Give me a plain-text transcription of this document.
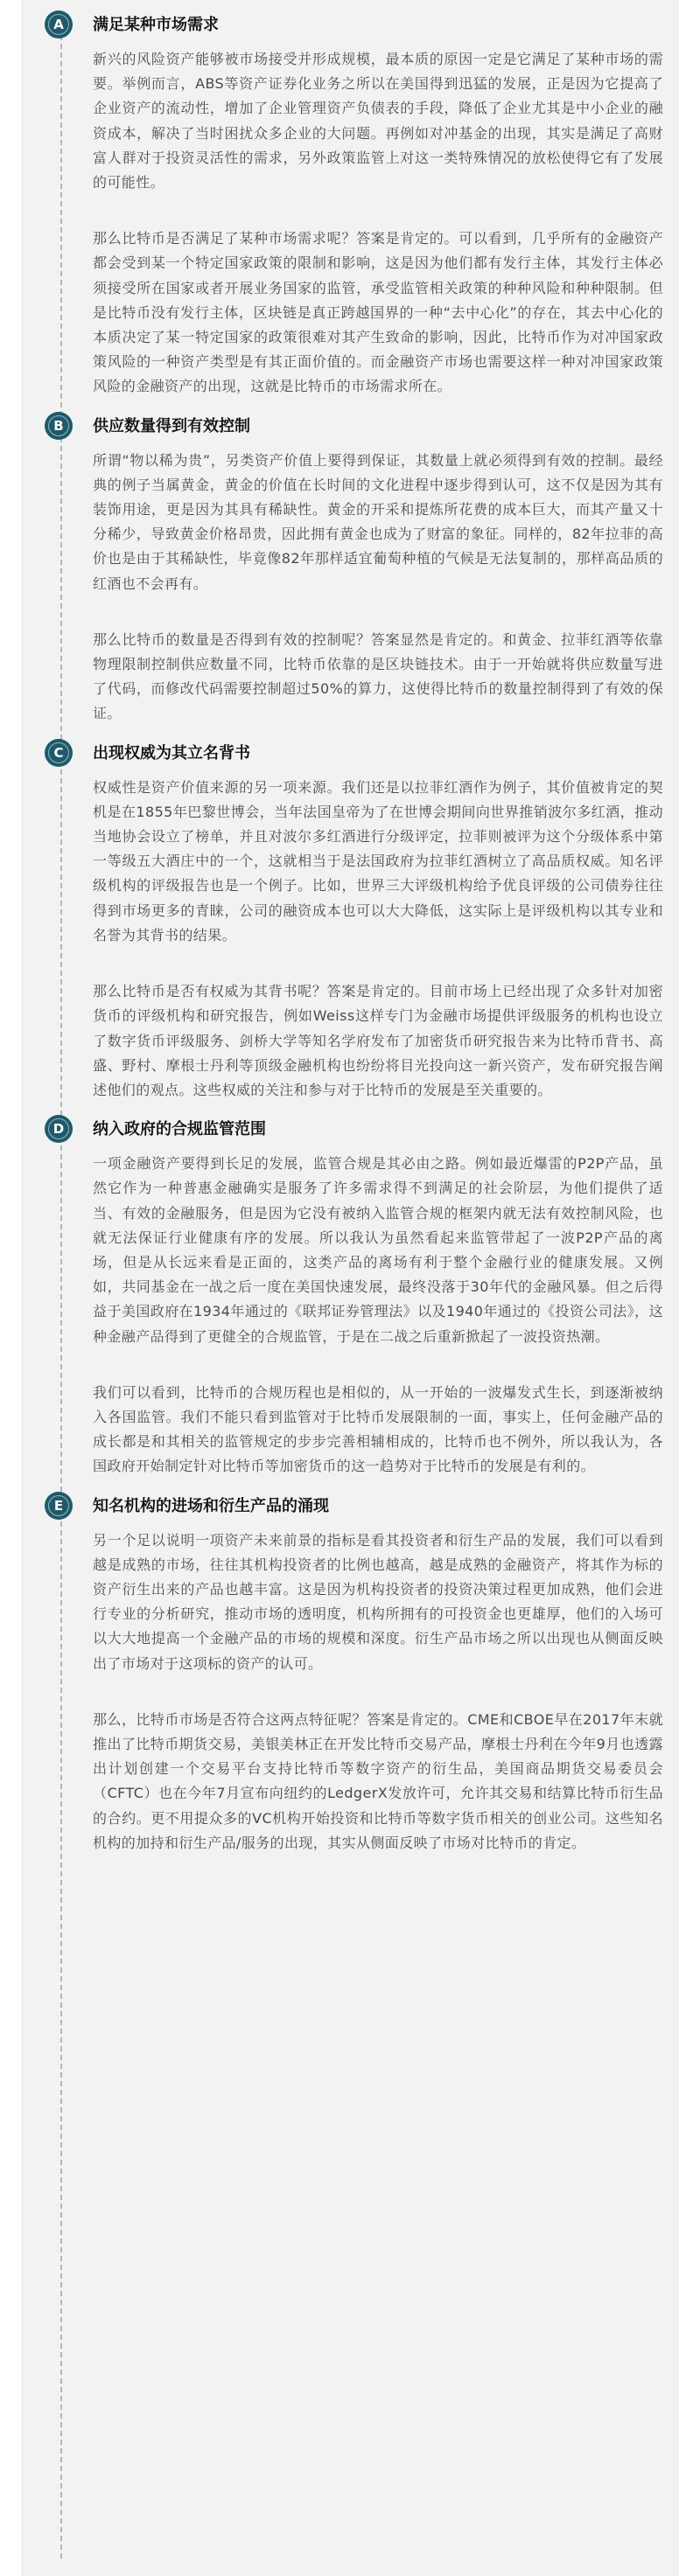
A 满足某种市场需求

新兴的风险资产能够被市场接受并形成规模，最本质的原因一定是它满足了某种市场的需要。举例而言，ABS等资产证券化业务之所以在美国得到迅猛的发展，正是因为它提高了企业资产的流动性，增加了企业管理资产负债表的手段，降低了企业尤其是中小企业的融资成本，解决了当时困扰众多企业的大问题。再例如对冲基金的出现，其实是满足了高财富人群对于投资灵活性的需求，另外政策监管上对这一类特殊情况的放松使得它有了发展的可能性。

那么比特币是否满足了某种市场需求呢？答案是肯定的。可以看到，几乎所有的金融资产都会受到某一个特定国家政策的限制和影响，这是因为他们都有发行主体，其发行主体必须接受所在国家或者开展业务国家的监管，承受监管相关政策的种种风险和种种限制。但是比特币没有发行主体，区块链是真正跨越国界的一种“去中心化”的存在，其去中心化的本质决定了某一特定国家的政策很难对其产生致命的影响，因此，比特币作为对冲国家政策风险的一种资产类型是有其正面价值的。而金融资产市场也需要这样一种对冲国家政策风险的金融资产的出现，这就是比特币的市场需求所在。

B 供应数量得到有效控制

所谓“物以稀为贵”，另类资产价值上要得到保证，其数量上就必须得到有效的控制。最经典的例子当属黄金，黄金的价值在长时间的文化进程中逐步得到认可，这不仅是因为其有装饰用途，更是因为其具有稀缺性。黄金的开采和提炼所花费的成本巨大，而其产量又十分稀少，导致黄金价格昂贵，因此拥有黄金也成为了财富的象征。同样的，82年拉菲的高价也是由于其稀缺性，毕竟像82年那样适宜葡萄种植的气候是无法复制的，那样高品质的红酒也不会再有。

那么比特币的数量是否得到有效的控制呢？答案显然是肯定的。和黄金、拉菲红酒等依靠物理限制控制供应数量不同，比特币依靠的是区块链技术。由于一开始就将供应数量写进了代码，而修改代码需要控制超过50%的算力，这使得比特币的数量控制得到了有效的保证。

C 出现权威为其立名背书

权威性是资产价值来源的另一项来源。我们还是以拉菲红酒作为例子，其价值被肯定的契机是在1855年巴黎世博会，当年法国皇帝为了在世博会期间向世界推销波尔多红酒，推动当地协会设立了榜单，并且对波尔多红酒进行分级评定，拉菲则被评为这个分级体系中第一等级五大酒庄中的一个，这就相当于是法国政府为拉菲红酒树立了高品质权威。知名评级机构的评级报告也是一个例子。比如，世界三大评级机构给予优良评级的公司债券往往得到市场更多的青睐，公司的融资成本也可以大大降低，这实际上是评级机构以其专业和名誉为其背书的结果。

那么比特币是否有权威为其背书呢？答案是肯定的。目前市场上已经出现了众多针对加密货币的评级机构和研究报告，例如Weiss这样专门为金融市场提供评级服务的机构也设立了数字货币评级服务、剑桥大学等知名学府发布了加密货币研究报告来为比特币背书、高盛、野村、摩根士丹利等顶级金融机构也纷纷将目光投向这一新兴资产，发布研究报告阐述他们的观点。这些权威的关注和参与对于比特币的发展是至关重要的。

D 纳入政府的合规监管范围

一项金融资产要得到长足的发展，监管合规是其必由之路。例如最近爆雷的P2P产品，虽然它作为一种普惠金融确实是服务了许多需求得不到满足的社会阶层，为他们提供了适当、有效的金融服务，但是因为它没有被纳入监管合规的框架内就无法有效控制风险，也就无法保证行业健康有序的发展。所以我认为虽然看起来监管带起了一波P2P产品的离场，但是从长远来看是正面的，这类产品的离场有利于整个金融行业的健康发展。又例如，共同基金在一战之后一度在美国快速发展，最终没落于30年代的金融风暴。但之后得益于美国政府在1934年通过的《联邦证券管理法》以及1940年通过的《投资公司法》，这种金融产品得到了更健全的合规监管，于是在二战之后重新掀起了一波投资热潮。

我们可以看到，比特币的合规历程也是相似的，从一开始的一波爆发式生长，到逐渐被纳入各国监管。我们不能只看到监管对于比特币发展限制的一面，事实上，任何金融产品的成长都是和其相关的监管规定的步步完善相辅相成的，比特币也不例外，所以我认为，各国政府开始制定针对比特币等加密货币的这一趋势对于比特币的发展是有利的。

E 知名机构的进场和衍生产品的涌现

另一个足以说明一项资产未来前景的指标是看其投资者和衍生产品的发展，我们可以看到越是成熟的市场，往往其机构投资者的比例也越高，越是成熟的金融资产，将其作为标的资产衍生出来的产品也越丰富。这是因为机构投资者的投资决策过程更加成熟，他们会进行专业的分析研究，推动市场的透明度，机构所拥有的可投资金也更雄厚，他们的入场可以大大地提高一个金融产品的市场的规模和深度。衍生产品市场之所以出现也从侧面反映出了市场对于这项标的资产的认可。

那么，比特币市场是否符合这两点特征呢？答案是肯定的。CME和CBOE早在2017年末就推出了比特币期货交易，美银美林正在开发比特币交易产品，摩根士丹利在今年9月也透露出计划创建一个交易平台支持比特币等数字资产的衍生品，美国商品期货交易委员会（CFTC）也在今年7月宣布向纽约的LedgerX发放许可，允许其交易和结算比特币衍生品的合约。更不用提众多的VC机构开始投资和比特币等数字货币相关的创业公司。这些知名机构的加持和衍生产品/服务的出现，其实从侧面反映了市场对比特币的肯定。
